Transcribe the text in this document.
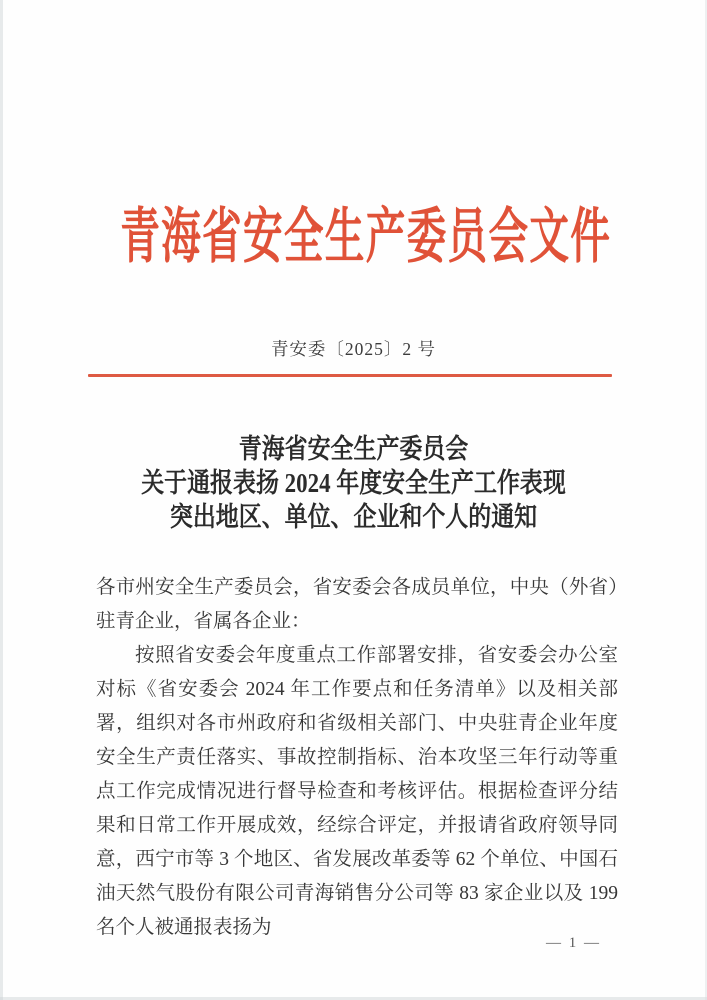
青海省安全生产委员会文件
青安委〔2025〕2 号
青海省安全生产委员会
关于通报表扬 2024 年度安全生产工作表现
突出地区、单位、企业和个人的通知

各市州安全生产委员会，省安委会各成员单位，中央（外省）驻青企业，省属各企业：

按照省安委会年度重点工作部署安排，省安委会办公室对标《省安委会 2024 年工作要点和任务清单》以及相关部署，组织对各市州政府和省级相关部门、中央驻青企业年度安全生产责任落实、事故控制指标、治本攻坚三年行动等重点工作完成情况进行督导检查和考核评估。根据检查评分结果和日常工作开展成效，经综合评定，并报请省政府领导同意，西宁市等 3 个地区、省发展改革委等 62 个单位、中国石油天然气股份有限公司青海销售分公司等 83 家企业以及 199 名个人被通报表扬为

— 1 —
